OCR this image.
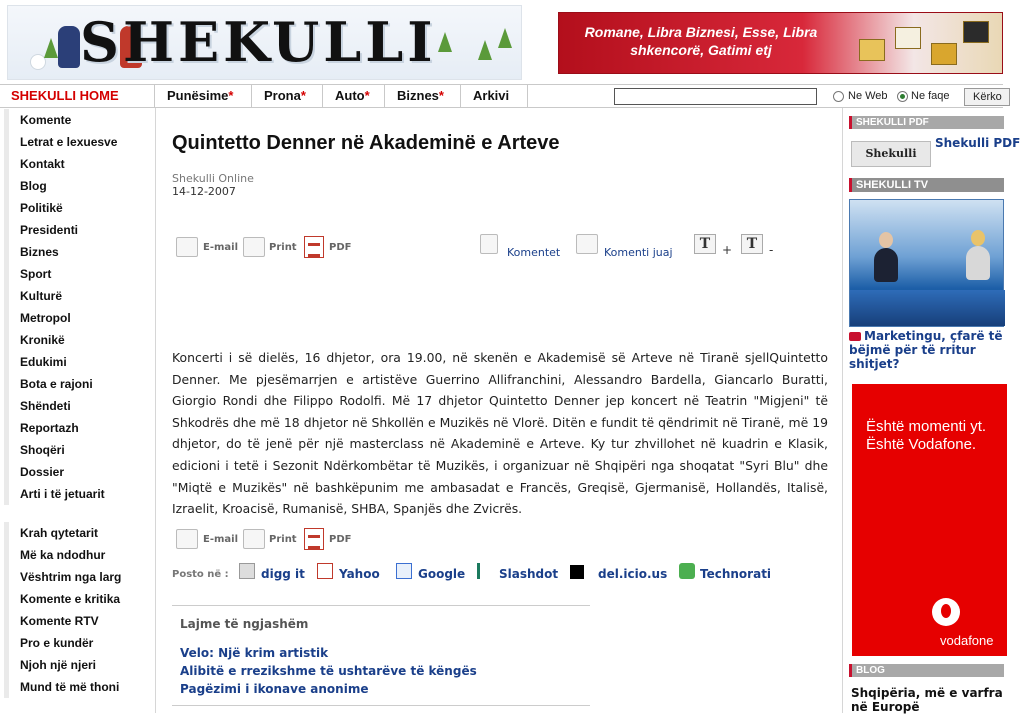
SHEKULLI	Romane, Libra Biznesi, Esse, Libra shkencorë, Gatimi etj
SHEKULLI HOME	Punësime*	Prona*	Auto*	Biznes*	Arkivi	Ne Web Ne faqe	Kërko
Komente
Letrat e lexuesve
Kontakt
Blog
Politikë
Presidenti
Biznes
Sport
Kulturë
Metropol
Kronikë
Edukimi
Bota e rajoni
Shëndeti
Reportazh
Shoqëri
Dossier
Arti i të jetuarit
Krah qytetarit
Më ka ndodhur
Vështrim nga larg
Komente e kritika
Komente RTV
Pro e kundër
Njoh një njeri
Mund të më thoni
Quintetto Denner në Akademinë e Arteve
Shekulli Online
14-12-2007
E-mail	Print	PDF	Komentet	Komenti juaj
T +	T -

Koncerti i së dielës, 16 dhjetor, ora 19.00, në skenën e Akademisë së Arteve në Tiranë sjellQuintetto Denner. Me pjesëmarrjen e artistëve Guerrino Allifranchini, Alessandro Bardella, Giancarlo Buratti, Giorgio Rondi dhe Filippo Rodolfi. Më 17 dhjetor Quintetto Denner jep koncert në Teatrin "Migjeni" të Shkodrës dhe më 18 dhjetor në Shkollën e Muzikës në Vlorë. Ditën e fundit të qëndrimit në Tiranë, më 19 dhjetor, do të jenë për një masterclass në Akademinë e Arteve. Ky tur zhvillohet në kuadrin e Klasik, edicioni i tetë i Sezonit Ndërkombëtar të Muzikës, i organizuar në Shqipëri nga shoqatat "Syri Blu" dhe "Miqtë e Muzikës" në bashkëpunim me ambasadat e Francës, Greqisë, Gjermanisë, Hollandës, Italisë, Izraelit, Kroacisë, Rumanisë, SHBA, Spanjës dhe Zvicrës.

E-mail	Print	PDF
Posto në :	digg it	Yahoo	Google	Slashdot	del.icio.us	Technorati
Lajme të ngjashëm
Velo: Një krim artistik
Alibitë e rrezikshme të ushtarëve të këngës
Pagëzimi i ikonave anonime
SHEKULLI PDF
Shekulli
Shekulli PDF
SHEKULLI TV
Marketingu, çfarë të bëjmë për të rritur shitjet?
Është momenti yt.
Është Vodafone.
vodafone
BLOG
Shqipëria, më e varfra në Europë
